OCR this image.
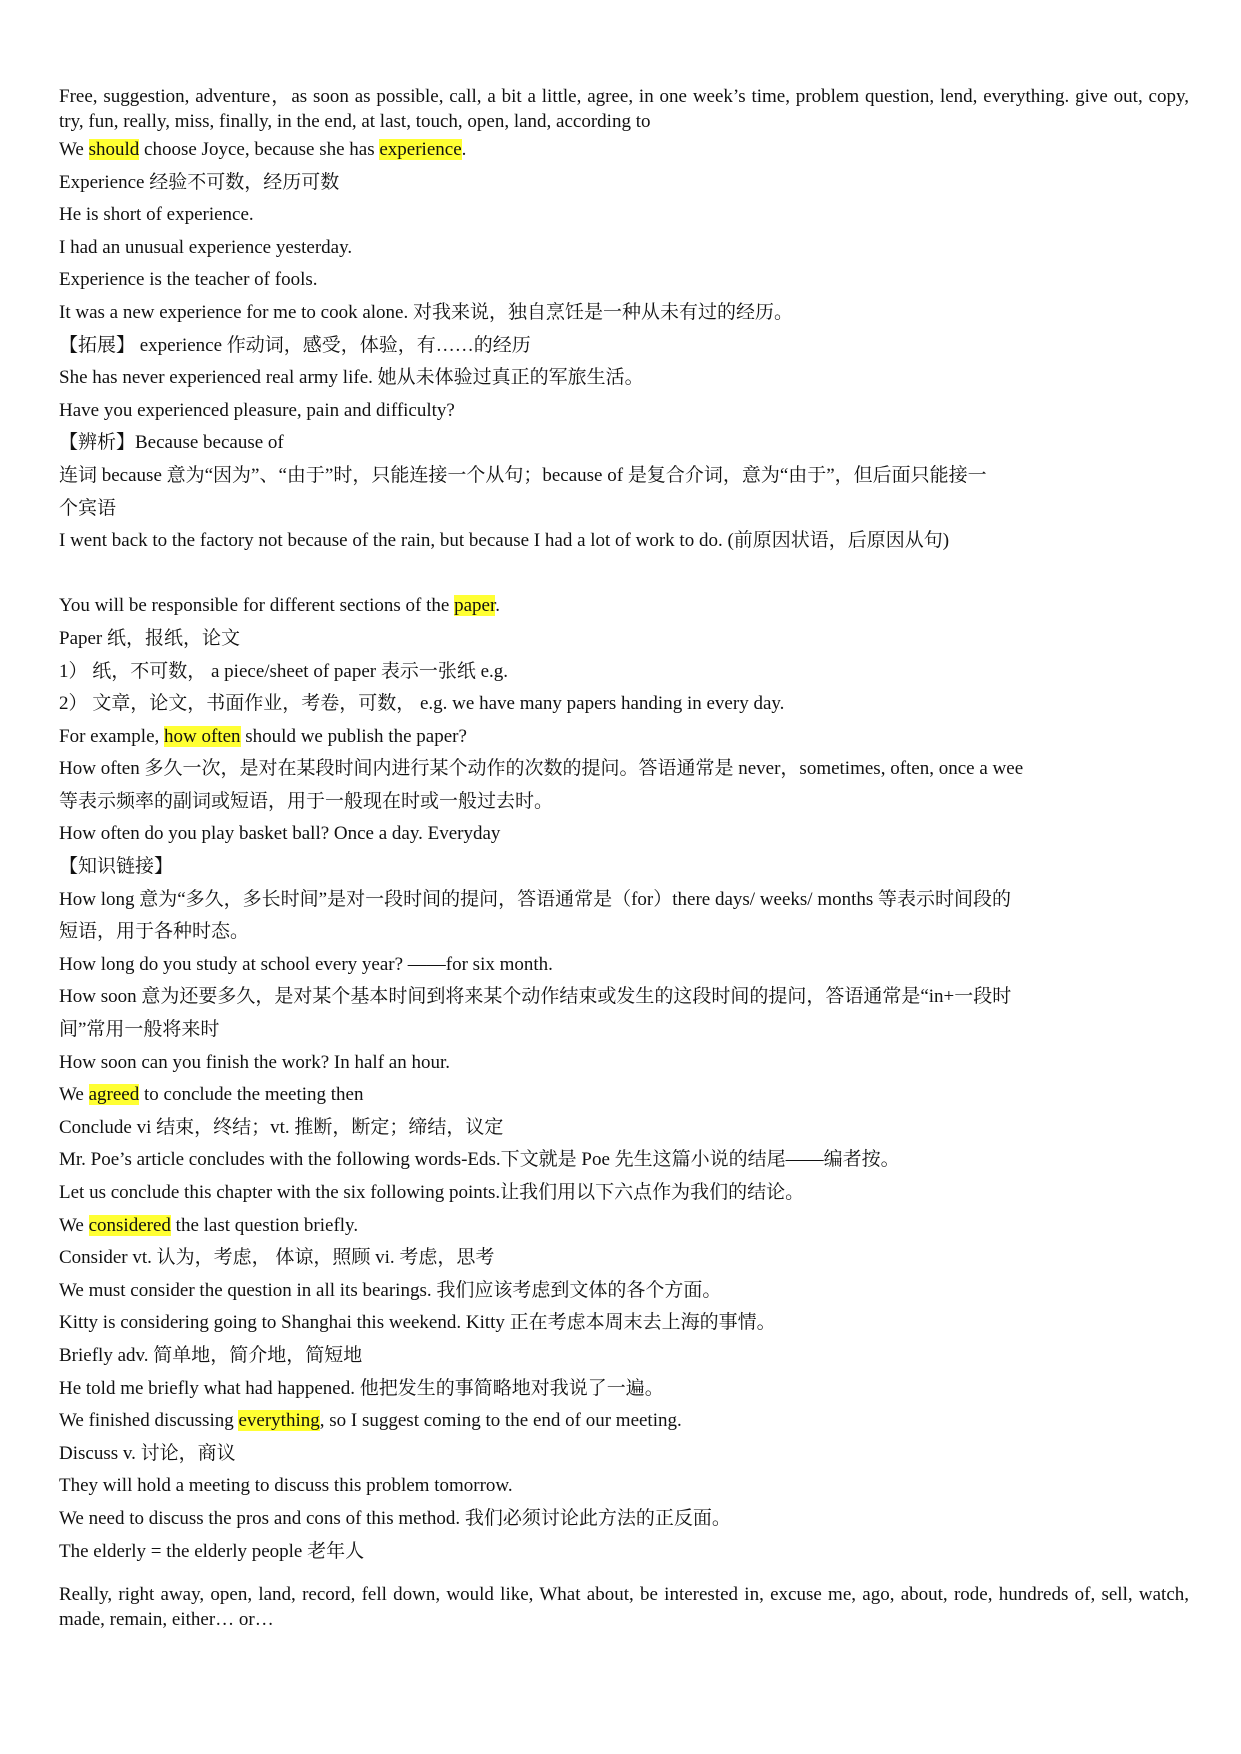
Free, suggestion, adventure，as soon as possible, call, a bit a little, agree, in one week’s time, problem question, lend, everything. give out, copy, try, fun, really, miss, finally, in the end, at last, touch, open, land, according to
We should choose Joyce, because she has experience.
Experience 经验不可数，经历可数
He is short of experience.
I had an unusual experience yesterday.
Experience is the teacher of fools.
It was a new experience for me to cook alone. 对我来说，独自烹饪是一种从未有过的经历。
【拓展】 experience 作动词，感受，体验，有……的经历
She has never experienced real army life. 她从未体验过真正的军旅生活。
Have you experienced pleasure, pain and difficulty?
【辨析】Because because of
连词 because 意为“因为”、“由于”时，只能连接一个从句；because of 是复合介词，意为“由于”，但后面只能接一
个宾语
I went back to the factory not because of the rain, but because I had a lot of work to do. (前原因状语，后原因从句)
You will be responsible for different sections of the paper.
Paper 纸，报纸，论文
1） 纸，不可数， a piece/sheet of paper 表示一张纸 e.g.
2） 文章，论文，书面作业，考卷，可数， e.g. we have many papers handing in every day.
For example, how often should we publish the paper?
How often 多久一次，是对在某段时间内进行某个动作的次数的提问。答语通常是 never，sometimes, often, once a wee
等表示频率的副词或短语，用于一般现在时或一般过去时。
How often do you play basket ball? Once a day. Everyday
【知识链接】
How long 意为“多久，多长时间”是对一段时间的提问，答语通常是（for）there days/ weeks/ months 等表示时间段的
短语，用于各种时态。
How long do you study at school every year? ——for six month.
How soon 意为还要多久，是对某个基本时间到将来某个动作结束或发生的这段时间的提问，答语通常是“in+一段时
间”常用一般将来时
How soon can you finish the work? In half an hour.
We agreed to conclude the meeting then
Conclude vi 结束，终结；vt. 推断，断定；缔结，议定
Mr. Poe’s article concludes with the following words-Eds.下文就是 Poe 先生这篇小说的结尾——编者按。
Let us conclude this chapter with the six following points.让我们用以下六点作为我们的结论。
We considered the last question briefly.
Consider vt. 认为，考虑， 体谅，照顾 vi. 考虑，思考
We must consider the question in all its bearings. 我们应该考虑到文体的各个方面。
Kitty is considering going to Shanghai this weekend. Kitty 正在考虑本周末去上海的事情。
Briefly adv. 简单地，简介地，简短地
He told me briefly what had happened. 他把发生的事简略地对我说了一遍。
We finished discussing everything, so I suggest coming to the end of our meeting.
Discuss v. 讨论，商议
They will hold a meeting to discuss this problem tomorrow.
We need to discuss the pros and cons of this method. 我们必须讨论此方法的正反面。
The elderly = the elderly people 老年人
Really, right away, open, land, record, fell down, would like, What about, be interested in, excuse me, ago, about, rode, hundreds of, sell, watch, made, remain, either… or…
